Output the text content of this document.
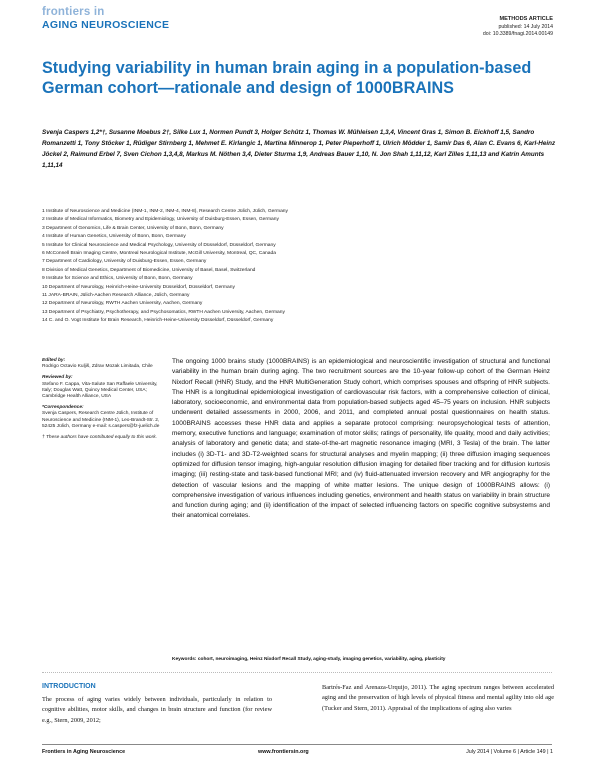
frontiers in
AGING NEUROSCIENCE	METHODS ARTICLE
published: 14 July 2014
doi: 10.3389/fnagi.2014.00149
Studying variability in human brain aging in a population-based German cohort—rationale and design of 1000BRAINS
Svenja Caspers 1,2*†, Susanne Moebus 2†, Silke Lux 1, Normen Pundt 3, Holger Schütz 1, Thomas W. Mühleisen 1,3,4, Vincent Gras 1, Simon B. Eickhoff 1,5, Sandro Romanzetti 1, Tony Stöcker 1, Rüdiger Stirnberg 1, Mehmet E. Kirlangic 1, Martina Minnerop 1, Peter Pieperhoff 1, Ulrich Mödder 1, Samir Das 6, Alan C. Evans 6, Karl-Heinz Jöckel 2, Raimund Erbel 7, Sven Cichon 1,3,4,8, Markus M. Nöthen 3,4, Dieter Sturma 1,9, Andreas Bauer 1,10, N. Jon Shah 1,11,12, Karl Zilles 1,11,13 and Katrin Amunts 1,11,14
1 Institute of Neuroscience and Medicine (INM-1, INM-2, INM-4, INM-8), Research Centre Jülich, Jülich, Germany
2 Institute of Medical Informatics, Biometry and Epidemiology, University of Duisburg-Essen, Essen, Germany
3 Department of Genomics, Life & Brain Center, University of Bonn, Bonn, Germany
4 Institute of Human Genetics, University of Bonn, Bonn, Germany
5 Institute for Clinical Neuroscience and Medical Psychology, University of Düsseldorf, Düsseldorf, Germany
6 McConnell Brain Imaging Centre, Montreal Neurological Institute, McGill University, Montreal, QC, Canada
7 Department of Cardiology, University of Duisburg-Essen, Essen, Germany
8 Division of Medical Genetics, Department of Biomedicine, University of Basel, Basel, Switzerland
9 Institute for Science and Ethics, University of Bonn, Bonn, Germany
10 Department of Neurology, Heinrich-Heine-University Düsseldorf, Düsseldorf, Germany
11 JARA-BRAIN, Jülich-Aachen Research Alliance, Jülich, Germany
12 Department of Neurology, RWTH Aachen University, Aachen, Germany
13 Department of Psychiatry, Psychotherapy, and Psychosomatics, RWTH Aachen University, Aachen, Germany
14 C. and O. Vogt Institute for Brain Research, Heinrich-Heine-University Düsseldorf, Düsseldorf, Germany
Edited by:
Rodrigo Octavio Kuljiš, Zdrav Mozak Limitada, Chile
Reviewed by:
Stefano F. Cappa, Vita-Salute San Raffaele University, Italy; Douglas Watt, Quincy Medical Center, USA; Cambridge Health Alliance, USA
*Correspondence:
Svenja Caspers, Research Centre Jülich, Institute of Neuroscience and Medicine (INM-1), Leo-Brandt-Str. 2, 52425 Jülich, Germany e-mail: s.caspers@fz-juelich.de
† These authors have contributed equally to this work.
The ongoing 1000 brains study (1000BRAINS) is an epidemiological and neuroscientific investigation of structural and functional variability in the human brain during aging. The two recruitment sources are the 10-year follow-up cohort of the German Heinz Nixdorf Recall (HNR) Study, and the HNR MultiGeneration Study cohort, which comprises spouses and offspring of HNR subjects. The HNR is a longitudinal epidemiological investigation of cardiovascular risk factors, with a comprehensive collection of clinical, laboratory, socioeconomic, and environmental data from population-based subjects aged 45–75 years on inclusion. HNR subjects underwent detailed assessments in 2000, 2006, and 2011, and completed annual postal questionnaires on health status. 1000BRAINS accesses these HNR data and applies a separate protocol comprising: neuropsychological tests of attention, memory, executive functions and language; examination of motor skills; ratings of personality, life quality, mood and daily activities; analysis of laboratory and genetic data; and state-of-the-art magnetic resonance imaging (MRI, 3 Tesla) of the brain. The latter includes (i) 3D-T1- and 3D-T2-weighted scans for structural analyses and myelin mapping; (ii) three diffusion imaging sequences optimized for diffusion tensor imaging, high-angular resolution diffusion imaging for detailed fiber tracking and for diffusion kurtosis imaging; (iii) resting-state and task-based functional MRI; and (iv) fluid-attenuated inversion recovery and MR angiography for the detection of vascular lesions and the mapping of white matter lesions. The unique design of 1000BRAINS allows: (i) comprehensive investigation of various influences including genetics, environment and health status on variability in brain structure and function during aging; and (ii) identification of the impact of selected influencing factors on specific cognitive subsystems and their anatomical correlates.
Keywords: cohort, neuroimaging, Heinz Nixdorf Recall Study, aging-study, imaging genetics, variability, aging, plasticity
INTRODUCTION
The process of aging varies widely between individuals, particularly in relation to cognitive abilities, motor skills, and changes in brain structure and function (for review e.g., Stern, 2009, 2012;
Bartrés-Faz and Arenaza-Urquijo, 2011). The aging spectrum ranges between accelerated aging and the preservation of high levels of physical fitness and mental agility into old age (Tucker and Stern, 2011). Appraisal of the implications of aging also varies
Frontiers in Aging Neuroscience	www.frontiersin.org	July 2014 | Volume 6 | Article 149 | 1
